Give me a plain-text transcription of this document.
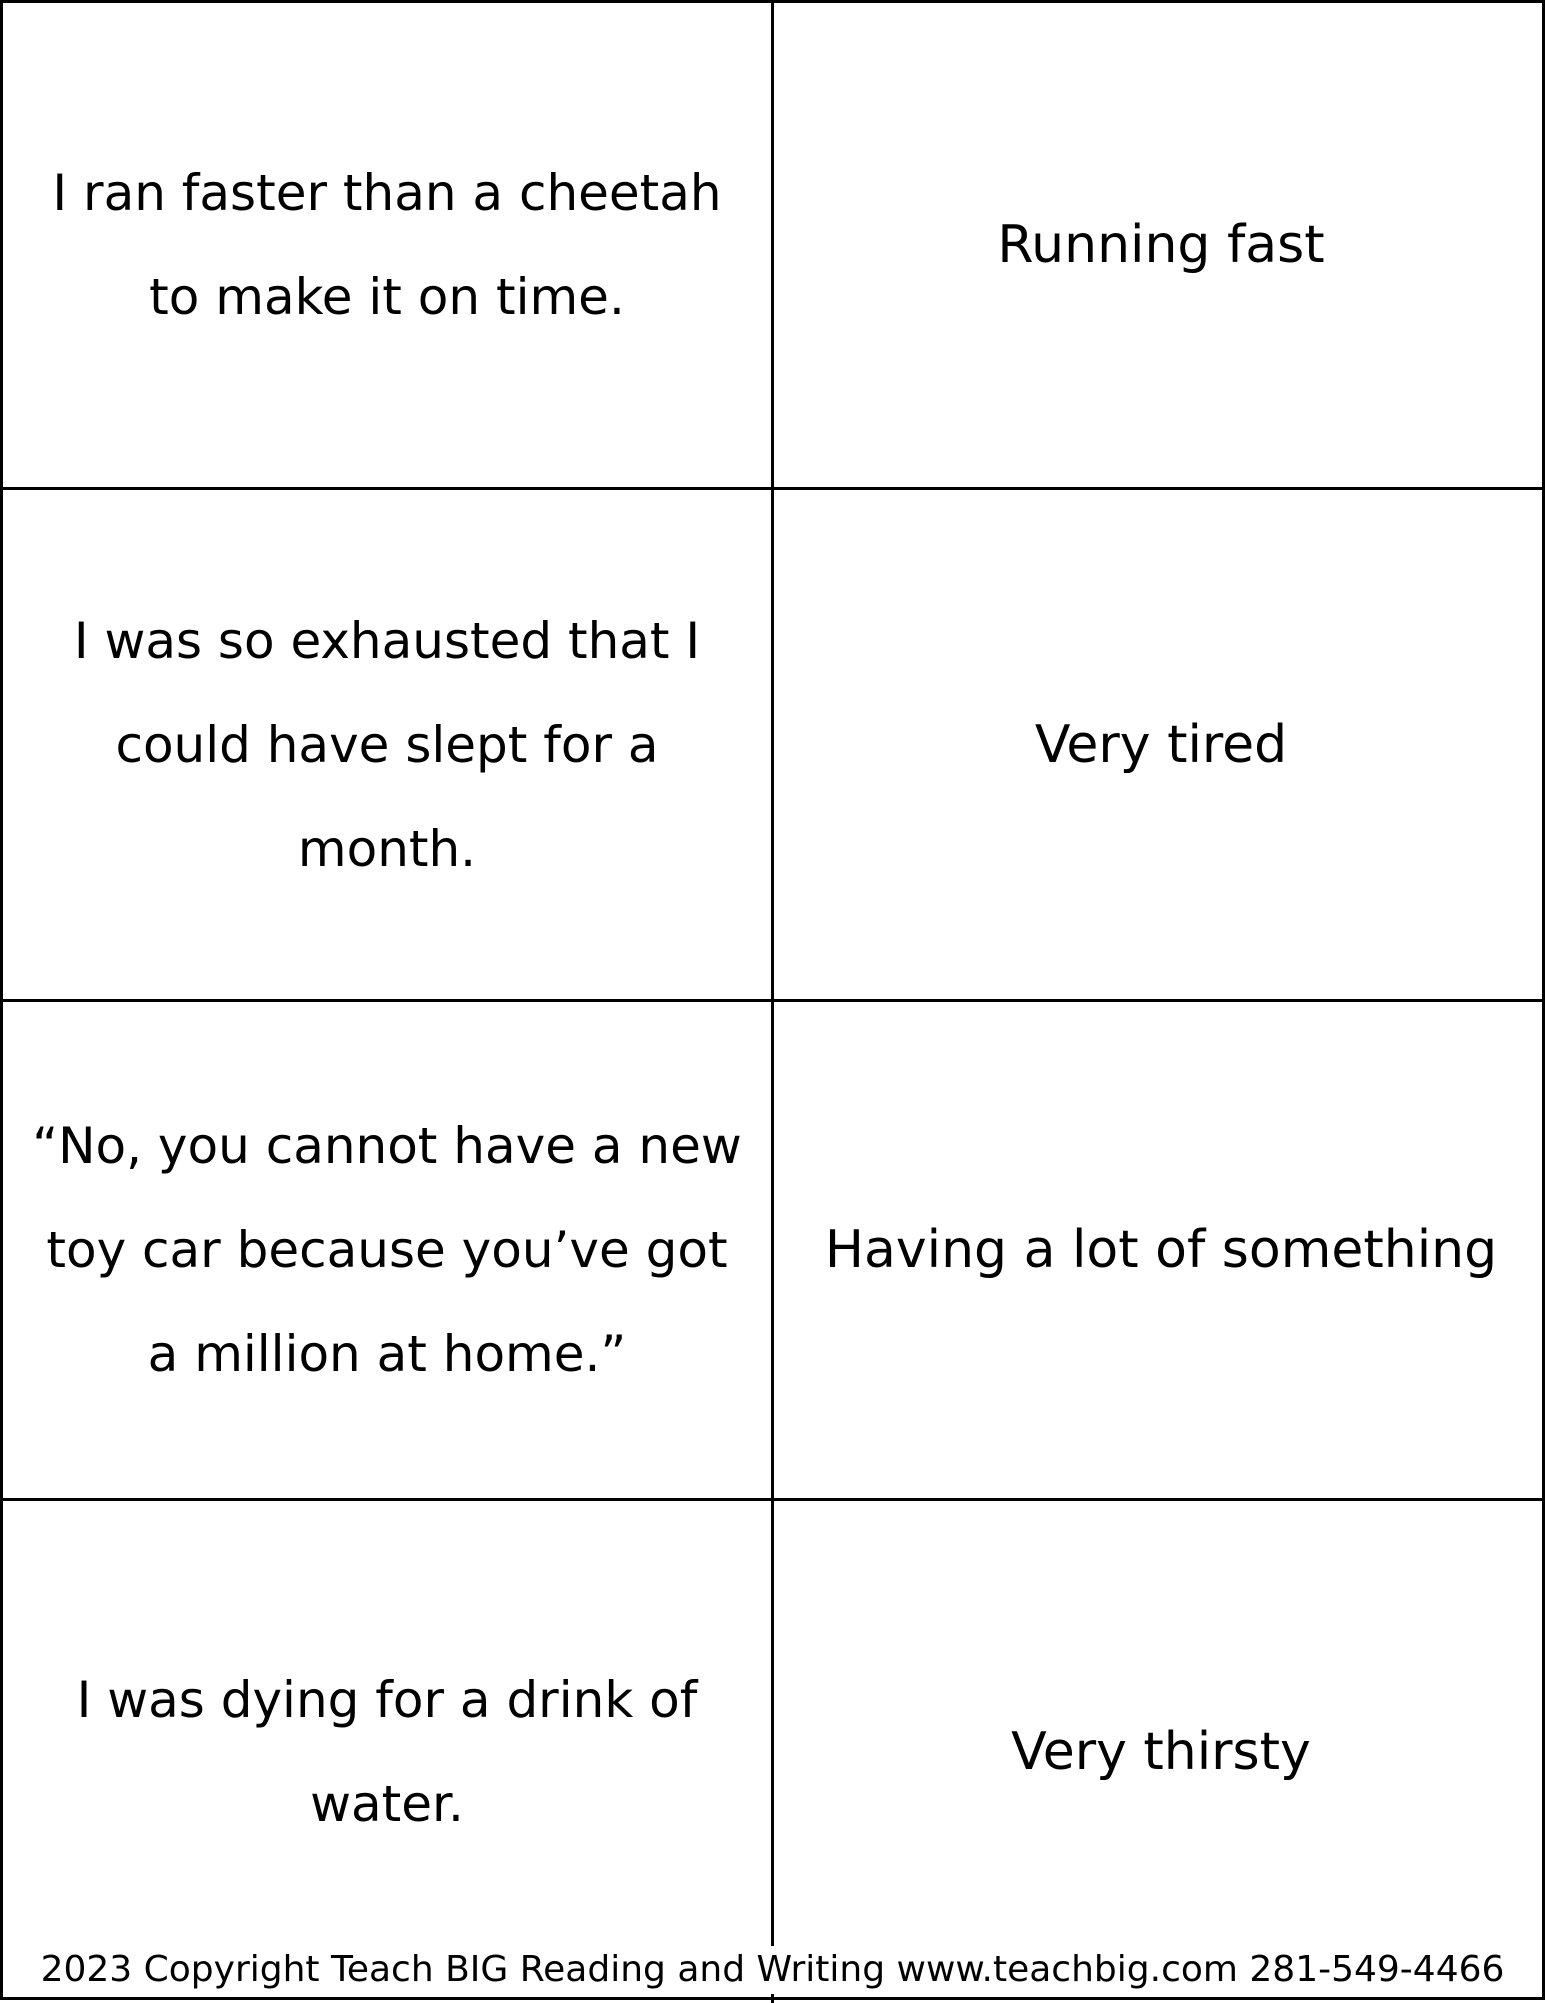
I ran faster than a cheetah to make it on time.
Running fast
I was so exhausted that I could have slept for a month.
Very tired
“No, you cannot have a new toy car because you’ve got a million at home.”
Having a lot of something
I was dying for a drink of water.
Very thirsty
2023 Copyright Teach BIG Reading and Writing www.teachbig.com 281-549-4466
